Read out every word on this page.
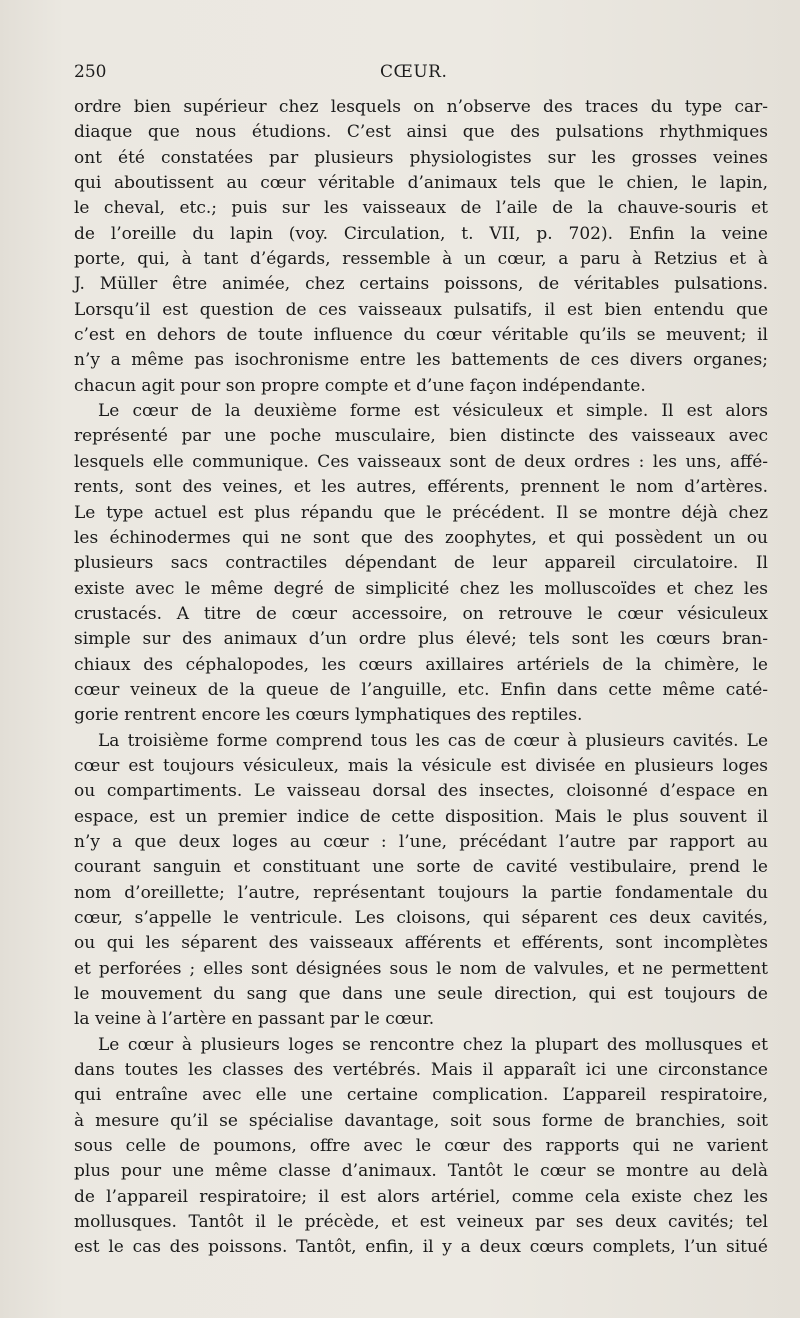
250	CŒUR.
ordre bien supérieur chez lesquels on n’observe des traces du type car-
diaque que nous étudions. C’est ainsi que des pulsations rhythmiques
ont été constatées par plusieurs physiologistes sur les grosses veines
qui aboutissent au cœur véritable d’animaux tels que le chien, le lapin,
le cheval, etc.; puis sur les vaisseaux de l’aile de la chauve-souris et
de l’oreille du lapin (voy. Circulation, t. VII, p. 702). Enfin la veine
porte, qui, à tant d’égards, ressemble à un cœur, a paru à Retzius et à
J. Müller être animée, chez certains poissons, de véritables pulsations.
Lorsqu’il est question de ces vaisseaux pulsatifs, il est bien entendu que
c’est en dehors de toute influence du cœur véritable qu’ils se meuvent; il
n’y a même pas isochronisme entre les battements de ces divers organes;
chacun agit pour son propre compte et d’une façon indépendante.
Le cœur de la deuxième forme est vésiculeux et simple. Il est alors
représenté par une poche musculaire, bien distincte des vaisseaux avec
lesquels elle communique. Ces vaisseaux sont de deux ordres : les uns, affé-
rents, sont des veines, et les autres, efférents, prennent le nom d’artères.
Le type actuel est plus répandu que le précédent. Il se montre déjà chez
les échinodermes qui ne sont que des zoophytes, et qui possèdent un ou
plusieurs sacs contractiles dépendant de leur appareil circulatoire. Il
existe avec le même degré de simplicité chez les molluscoïdes et chez les
crustacés. A titre de cœur accessoire, on retrouve le cœur vésiculeux
simple sur des animaux d’un ordre plus élevé; tels sont les cœurs bran-
chiaux des céphalopodes, les cœurs axillaires artériels de la chimère, le
cœur veineux de la queue de l’anguille, etc. Enfin dans cette même caté-
gorie rentrent encore les cœurs lymphatiques des reptiles.
La troisième forme comprend tous les cas de cœur à plusieurs cavités. Le
cœur est toujours vésiculeux, mais la vésicule est divisée en plusieurs loges
ou compartiments. Le vaisseau dorsal des insectes, cloisonné d’espace en
espace, est un premier indice de cette disposition. Mais le plus souvent il
n’y a que deux loges au cœur : l’une, précédant l’autre par rapport au
courant sanguin et constituant une sorte de cavité vestibulaire, prend le
nom d’oreillette; l’autre, représentant toujours la partie fondamentale du
cœur, s’appelle le ventricule. Les cloisons, qui séparent ces deux cavités,
ou qui les séparent des vaisseaux afférents et efférents, sont incomplètes
et perforées ; elles sont désignées sous le nom de valvules, et ne permettent
le mouvement du sang que dans une seule direction, qui est toujours de
la veine à l’artère en passant par le cœur.
Le cœur à plusieurs loges se rencontre chez la plupart des mollusques et
dans toutes les classes des vertébrés. Mais il apparaît ici une circonstance
qui entraîne avec elle une certaine complication. L’appareil respiratoire,
à mesure qu’il se spécialise davantage, soit sous forme de branchies, soit
sous celle de poumons, offre avec le cœur des rapports qui ne varient
plus pour une même classe d’animaux. Tantôt le cœur se montre au delà
de l’appareil respiratoire; il est alors artériel, comme cela existe chez les
mollusques. Tantôt il le précède, et est veineux par ses deux cavités; tel
est le cas des poissons. Tantôt, enfin, il y a deux cœurs complets, l’un situé
